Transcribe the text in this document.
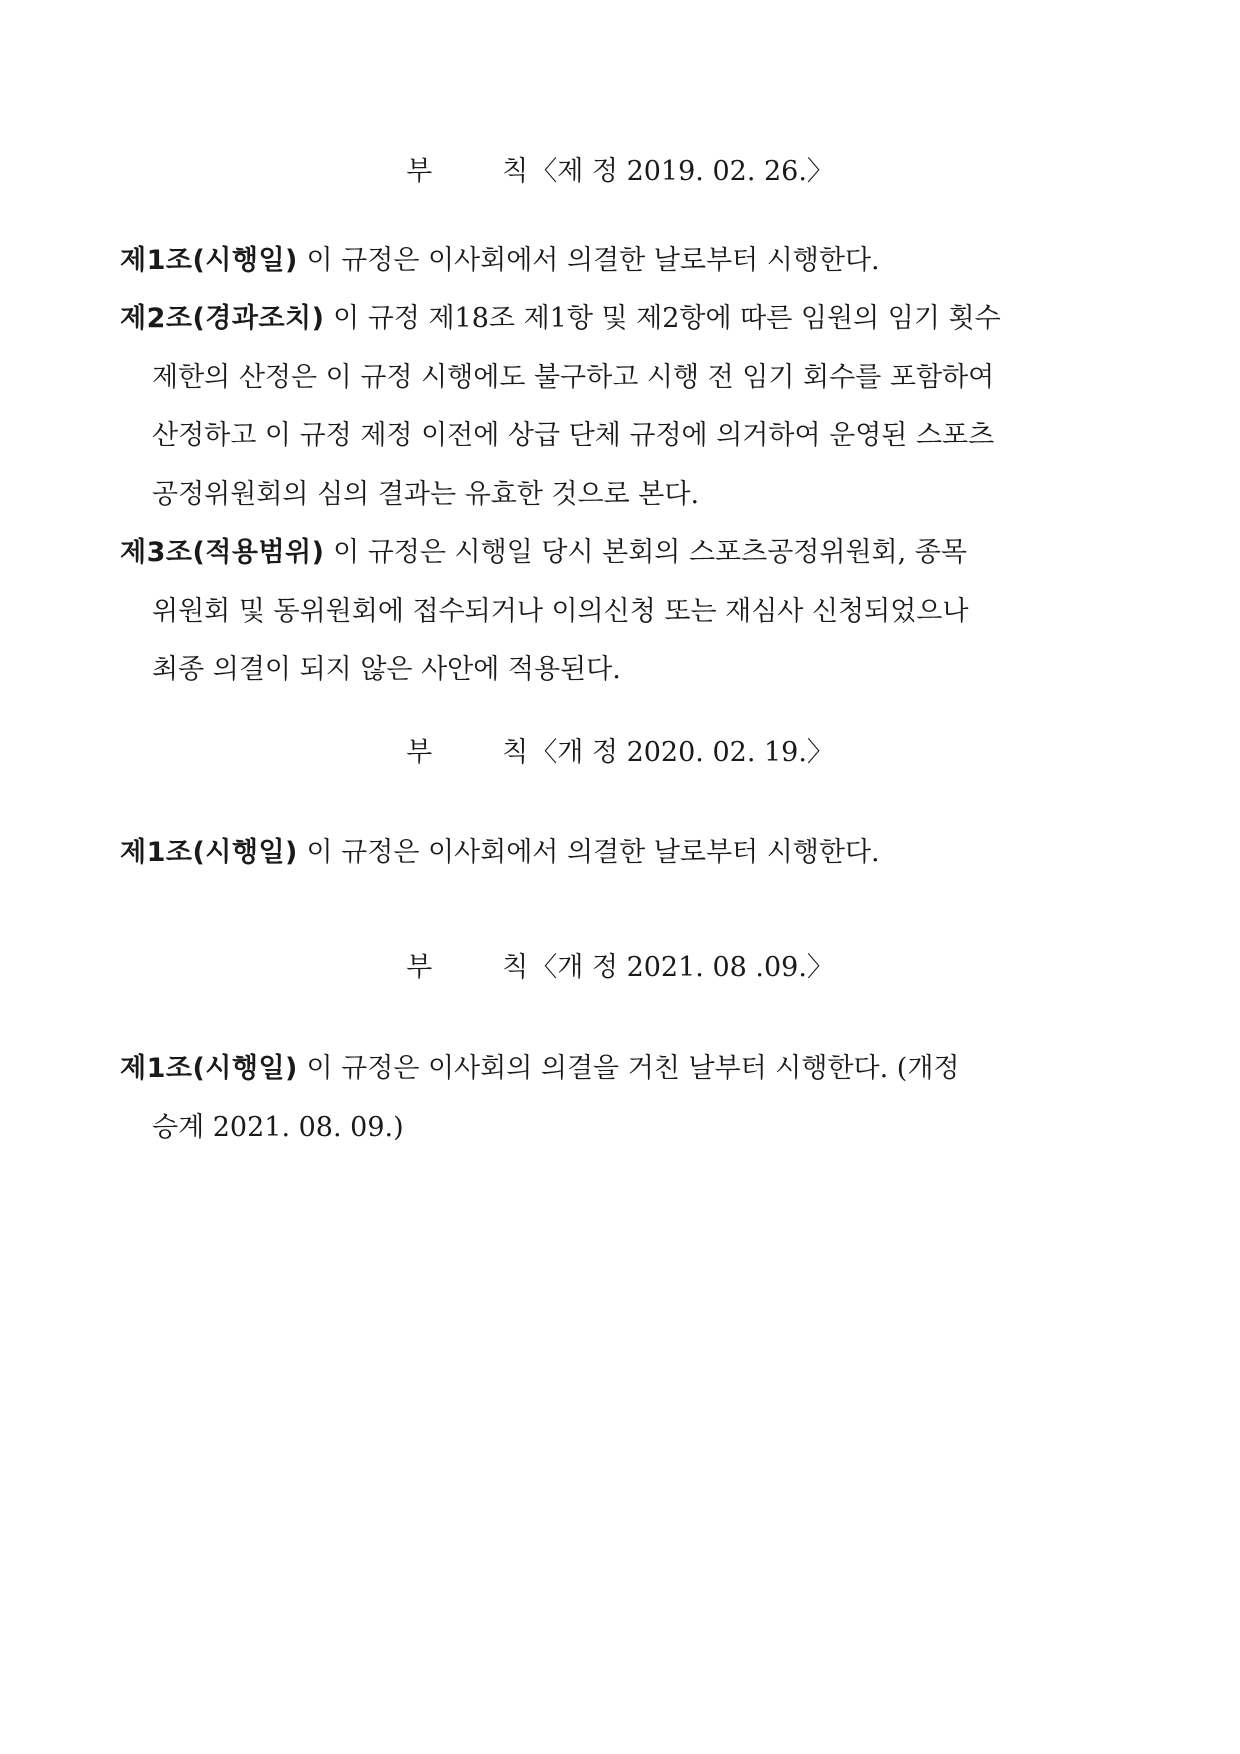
부	칙〈제 정 2019. 02. 26.〉
제1조(시행일) 이 규정은 이사회에서 의결한 날로부터 시행한다.
제2조(경과조치) 이 규정 제18조 제1항 및 제2항에 따른 임원의 임기 횟수
제한의 산정은 이 규정 시행에도 불구하고 시행 전 임기 회수를 포함하여
산정하고 이 규정 제정 이전에 상급 단체 규정에 의거하여 운영된 스포츠
공정위원회의 심의 결과는 유효한 것으로 본다.
제3조(적용범위) 이 규정은 시행일 당시 본회의 스포츠공정위원회, 종목
위원회 및 동위원회에 접수되거나 이의신청 또는 재심사 신청되었으나
최종 의결이 되지 않은 사안에 적용된다.
부	칙〈개 정 2020. 02. 19.〉
제1조(시행일) 이 규정은 이사회에서 의결한 날로부터 시행한다.
부	칙〈개 정 2021. 08 .09.〉
제1조(시행일) 이 규정은 이사회의 의결을 거친 날부터 시행한다. (개정
승계 2021. 08. 09.)
